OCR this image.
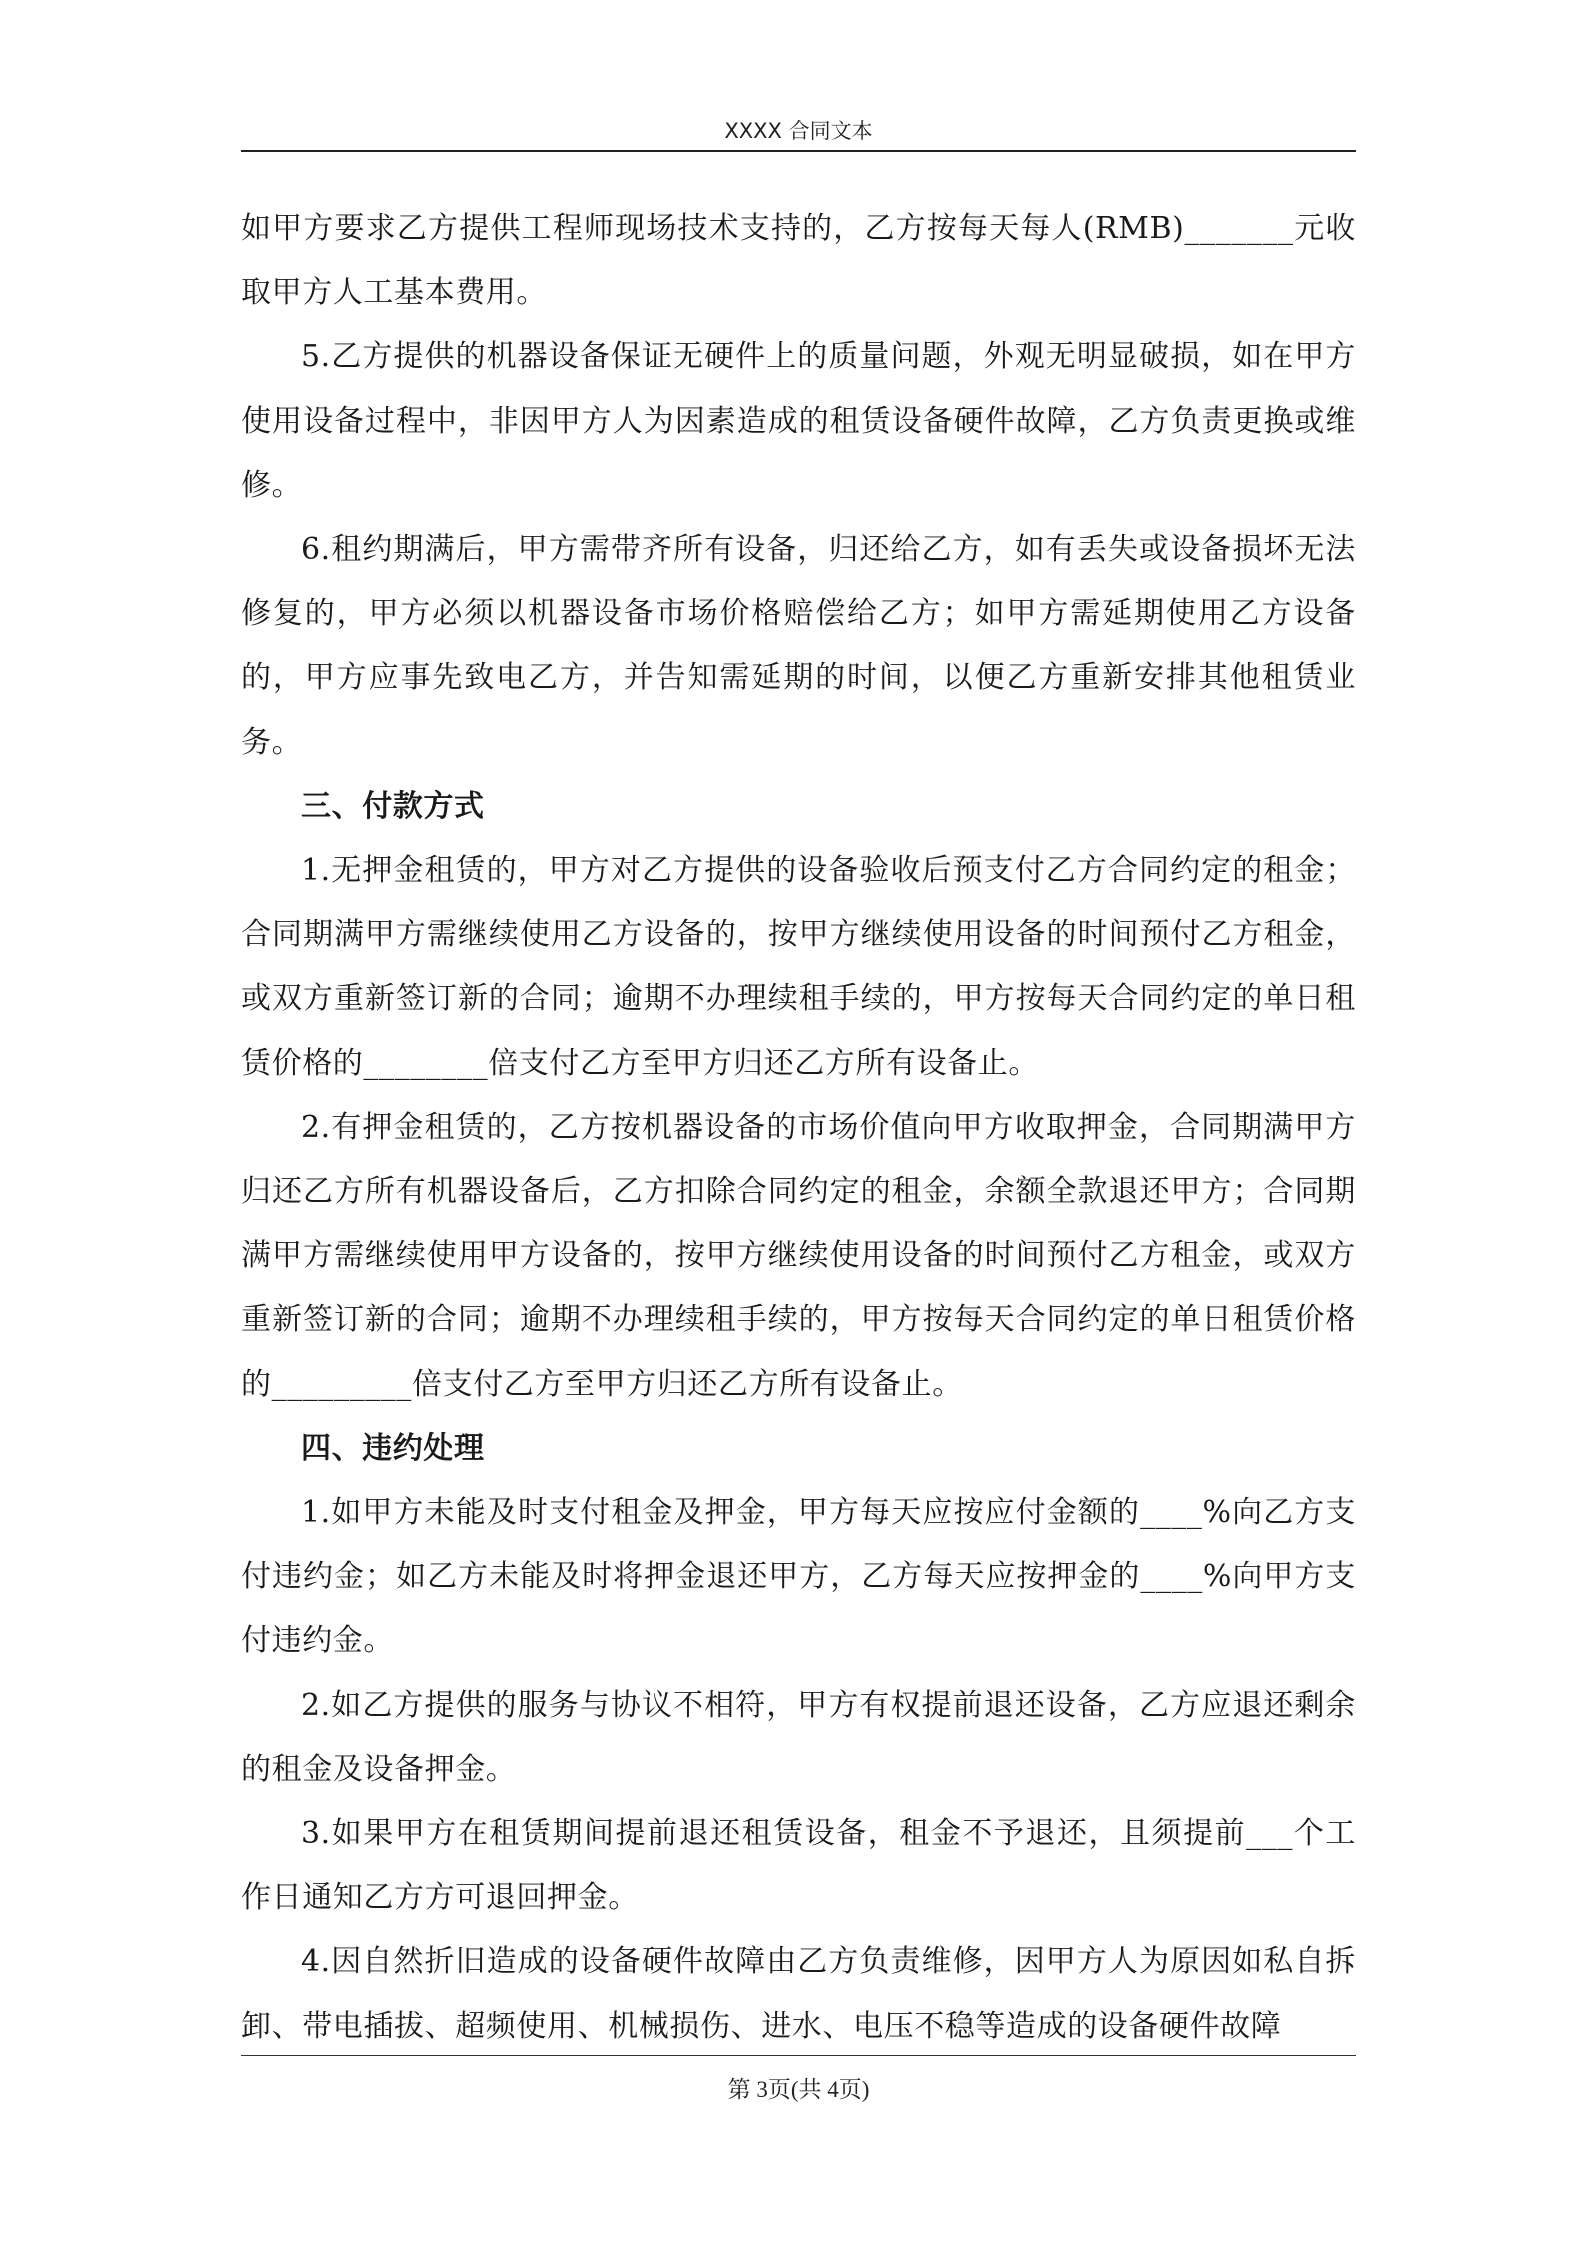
XXXX 合同文本

如甲方要求乙方提供工程师现场技术支持的，乙方按每天每人(RMB)_______元收取甲方人工基本费用。

5.乙方提供的机器设备保证无硬件上的质量问题，外观无明显破损，如在甲方使用设备过程中，非因甲方人为因素造成的租赁设备硬件故障，乙方负责更换或维修。

6.租约期满后，甲方需带齐所有设备，归还给乙方，如有丢失或设备损坏无法修复的，甲方必须以机器设备市场价格赔偿给乙方；如甲方需延期使用乙方设备的，甲方应事先致电乙方，并告知需延期的时间，以便乙方重新安排其他租赁业务。

三、付款方式

1.无押金租赁的，甲方对乙方提供的设备验收后预支付乙方合同约定的租金；合同期满甲方需继续使用乙方设备的，按甲方继续使用设备的时间预付乙方租金，或双方重新签订新的合同；逾期不办理续租手续的，甲方按每天合同约定的单日租赁价格的________倍支付乙方至甲方归还乙方所有设备止。

2.有押金租赁的，乙方按机器设备的市场价值向甲方收取押金，合同期满甲方归还乙方所有机器设备后，乙方扣除合同约定的租金，余额全款退还甲方；合同期满甲方需继续使用甲方设备的，按甲方继续使用设备的时间预付乙方租金，或双方重新签订新的合同；逾期不办理续租手续的，甲方按每天合同约定的单日租赁价格的_________倍支付乙方至甲方归还乙方所有设备止。

四、违约处理

1.如甲方未能及时支付租金及押金，甲方每天应按应付金额的____%向乙方支付违约金；如乙方未能及时将押金退还甲方，乙方每天应按押金的____%向甲方支付违约金。

2.如乙方提供的服务与协议不相符，甲方有权提前退还设备，乙方应退还剩余的租金及设备押金。

3.如果甲方在租赁期间提前退还租赁设备，租金不予退还，且须提前___个工作日通知乙方方可退回押金。

4.因自然折旧造成的设备硬件故障由乙方负责维修，因甲方人为原因如私自拆卸、带电插拔、超频使用、机械损伤、进水、电压不稳等造成的设备硬件故障

第 3页(共 4页)
